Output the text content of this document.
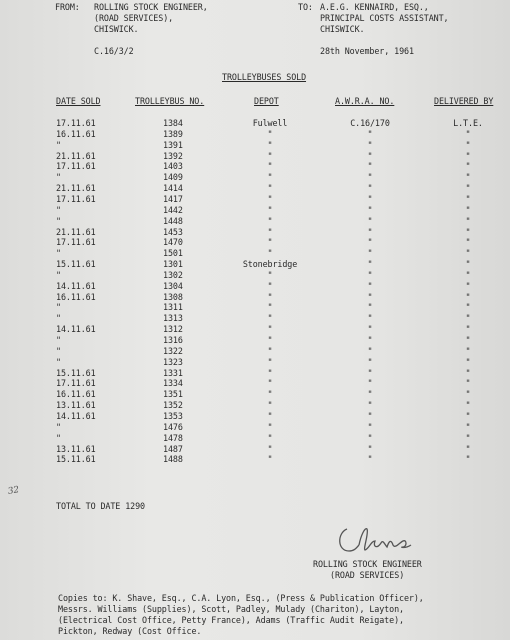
FROM: ROLLING STOCK ENGINEER,
(ROAD SERVICES),
CHISWICK.
TO: A.E.G. KENNAIRD, ESQ.,
PRINCIPAL COSTS ASSISTANT,
CHISWICK.
C.16/3/2	28th November, 1961
TROLLEYBUSES SOLD
DATE SOLD	TROLLEYBUS NO.	DEPOT	A.W.R.A. NO.	DELIVERED BY
17.11.61	1384	Fulwell	C.16/170	L.T.E.
16.11.61	1389	"	"	"
"	1391	"	"	"
21.11.61	1392	"	"	"
17.11.61	1403	"	"	"
"	1409	"	"	"
21.11.61	1414	"	"	"
17.11.61	1417	"	"	"
"	1442	"	"	"
"	1448	"	"	"
21.11.61	1453	"	"	"
17.11.61	1470	"	"	"
"	1501	"	"	"
15.11.61	1301	Stonebridge	"	"
"	1302	"	"	"
14.11.61	1304	"	"	"
16.11.61	1308	"	"	"
"	1311	"	"	"
"	1313	"	"	"
14.11.61	1312	"	"	"
"	1316	"	"	"
"	1322	"	"	"
"	1323	"	"	"
15.11.61	1331	"	"	"
17.11.61	1334	"	"	"
16.11.61	1351	"	"	"
13.11.61	1352	"	"	"
14.11.61	1353	"	"	"
"	1476	"	"	"
"	1478	"	"	"
13.11.61	1487	"	"	"
15.11.61	1488	"	"	"
32
TOTAL TO DATE 1290
ROLLING STOCK ENGINEER
(ROAD SERVICES)
Copies to: K. Shave, Esq., C.A. Lyon, Esq., (Press & Publication Officer),
Messrs. Williams (Supplies), Scott, Padley, Mulady (Chariton), Layton,
(Electrical Cost Office, Petty France), Adams (Traffic Audit Reigate),
Pickton, Redway (Cost Office.
